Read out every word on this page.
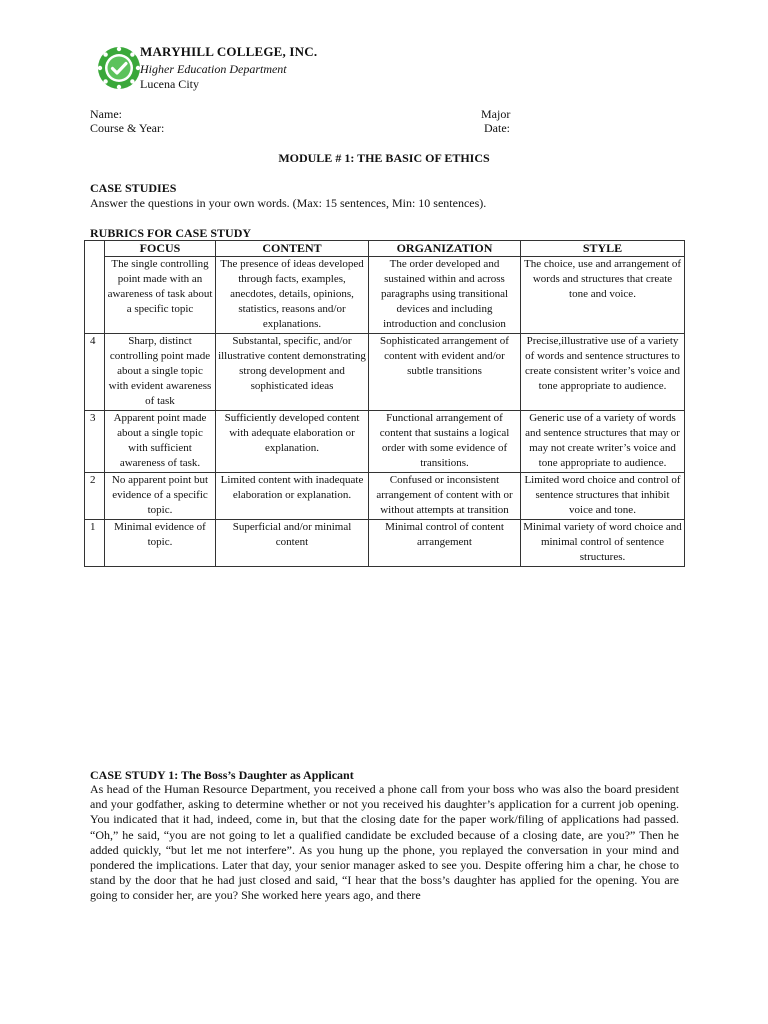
MARYHILL COLLEGE, INC.
Higher Education Department
Lucena City
Name:
Course & Year:
Major
Date:
MODULE # 1: THE BASIC OF ETHICS
CASE STUDIES
Answer the questions in your own words. (Max: 15 sentences, Min: 10 sentences).
RUBRICS FOR CASE STUDY
	FOCUS	CONTENT	ORGANIZATION	STYLE
	The single controlling point made with an awareness of task about a specific topic	The presence of ideas developed through facts, examples, anecdotes, details, opinions, statistics, reasons and/or explanations.	The order developed and sustained within and across paragraphs using transitional devices and including introduction and conclusion	The choice, use and arrangement of words and structures that create tone and voice.
4	Sharp, distinct controlling point made about a single topic with evident awareness of task	Substantal, specific, and/or illustrative content demonstrating strong development and sophisticated ideas	Sophisticated arrangement of content with evident and/or subtle transitions	Precise,illustrative use of a variety of words and sentence structures to create consistent writer’s voice and tone appropriate to audience.
3	Apparent point made about a single topic with sufficient awareness of task.	Sufficiently developed content with adequate elaboration or explanation.	Functional arrangement of content that sustains a logical order with some evidence of transitions.	Generic use of a variety of words and sentence structures that may or may not create writer’s voice and tone appropriate to audience.
2	No apparent point but evidence of a specific topic.	Limited content with inadequate elaboration or explanation.	Confused or inconsistent arrangement of content with or without attempts at transition	Limited word choice and control of sentence structures that inhibit voice and tone.
1	Minimal evidence of topic.	Superficial and/or minimal content	Minimal control of content arrangement	Minimal variety of word choice and minimal control of sentence structures.
CASE STUDY 1: The Boss’s Daughter as Applicant
As head of the Human Resource Department, you received a phone call from your boss who was also the board president and your godfather, asking to determine whether or not you received his daughter’s application for a current job opening. You indicated that it had, indeed, come in, but that the closing date for the paper work/filing of applications had passed. “Oh,” he said, “you are not going to let a qualified candidate be excluded because of a closing date, are you?” Then he added quickly, “but let me not interfere”. As you hung up the phone, you replayed the conversation in your mind and pondered the implications. Later that day, your senior manager asked to see you. Despite offering him a char, he chose to stand by the door that he had just closed and said, “I hear that the boss’s daughter has applied for the opening. You are going to consider her, are you? She worked here years ago, and there
